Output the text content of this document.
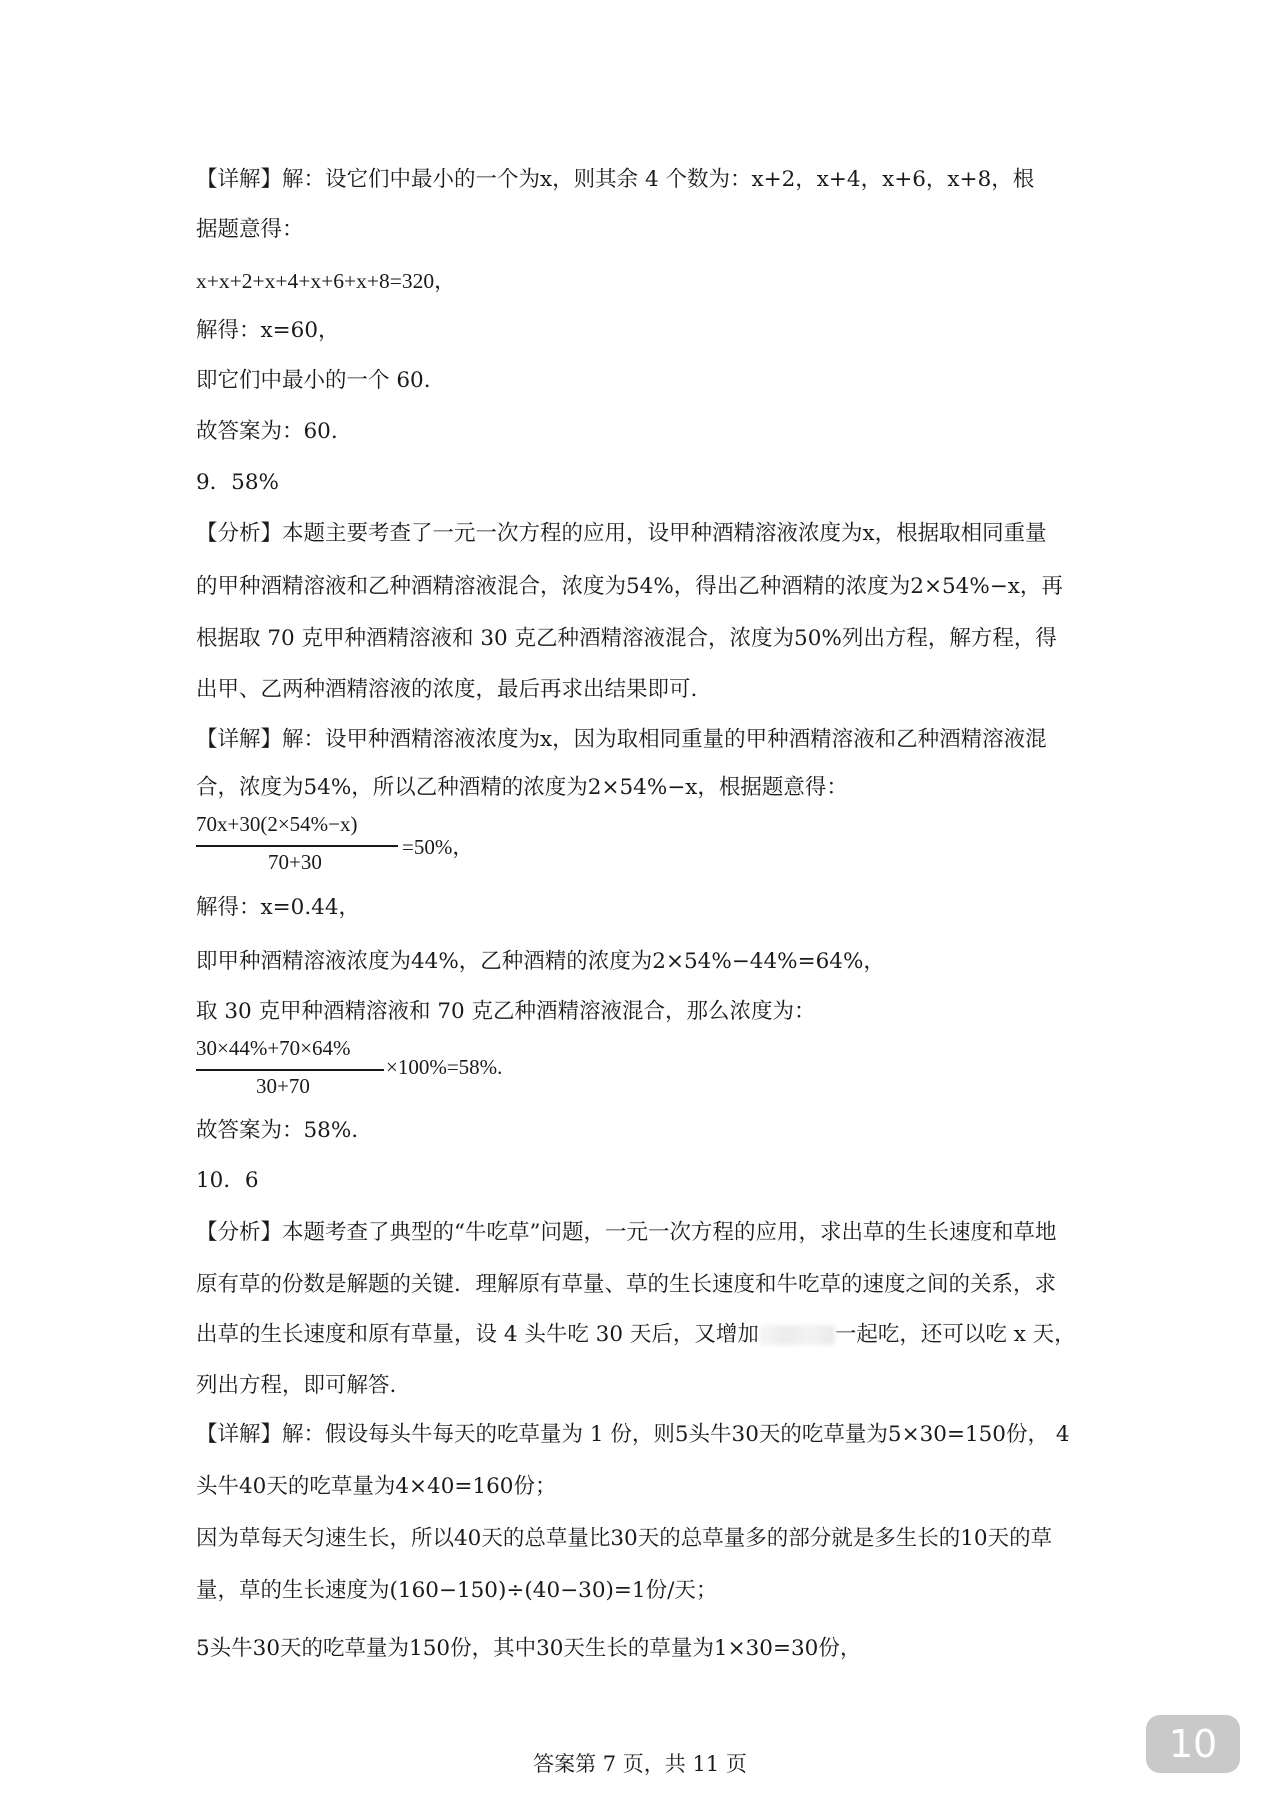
【详解】解：设它们中最小的一个为x，则其余 4 个数为：x+2，x+4，x+6，x+8，根
据题意得：
x+x+2+x+4+x+6+x+8=320，
解得：x=60，
即它们中最小的一个 60.
故答案为：60.
9．58%
【分析】本题主要考查了一元一次方程的应用，设甲种酒精溶液浓度为x，根据取相同重量
的甲种酒精溶液和乙种酒精溶液混合，浓度为54%，得出乙种酒精的浓度为2×54%−x，再
根据取 70 克甲种酒精溶液和 30 克乙种酒精溶液混合，浓度为50%列出方程，解方程，得
出甲、乙两种酒精溶液的浓度，最后再求出结果即可.
【详解】解：设甲种酒精溶液浓度为x，因为取相同重量的甲种酒精溶液和乙种酒精溶液混
合，浓度为54%，所以乙种酒精的浓度为2×54%−x，根据题意得：
70x+30(2×54%−x)
70+30
=50%，
解得：x=0.44，
即甲种酒精溶液浓度为44%，乙种酒精的浓度为2×54%−44%=64%，
取 30 克甲种酒精溶液和 70 克乙种酒精溶液混合，那么浓度为：
30×44%+70×64%
30+70
×100%=58%.
故答案为：58%.
10．6
【分析】本题考查了典型的“牛吃草”问题，一元一次方程的应用，求出草的生长速度和草地
原有草的份数是解题的关键．理解原有草量、草的生长速度和牛吃草的速度之间的关系，求
出草的生长速度和原有草量，设 4 头牛吃 30 天后，又增加	一起吃，还可以吃 x 天，
列出方程，即可解答.
【详解】解：假设每头牛每天的吃草量为 1 份，则5头牛30天的吃草量为5×30=150份， 4
头牛40天的吃草量为4×40=160份；
因为草每天匀速生长，所以40天的总草量比30天的总草量多的部分就是多生长的10天的草
量，草的生长速度为(160−150)÷(40−30)=1份/天；
5头牛30天的吃草量为150份，其中30天生长的草量为1×30=30份，
答案第 7 页，共 11 页	10
